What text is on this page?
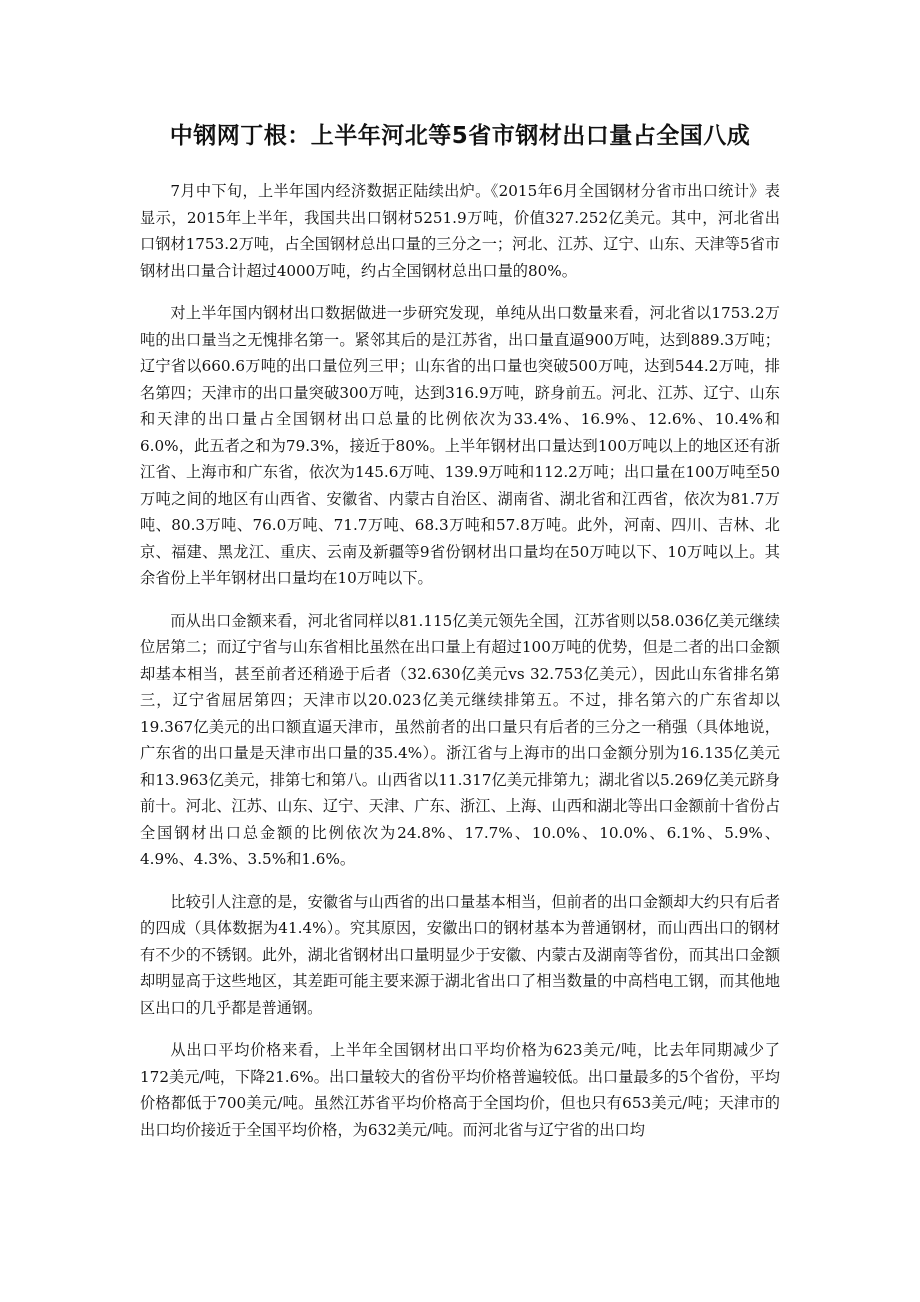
中钢网丁根：上半年河北等5省市钢材出口量占全国八成

7月中下旬，上半年国内经济数据正陆续出炉。《2015年6月全国钢材分省市出口统计》表显示，2015年上半年，我国共出口钢材5251.9万吨，价值327.252亿美元。其中，河北省出口钢材1753.2万吨，占全国钢材总出口量的三分之一；河北、江苏、辽宁、山东、天津等5省市钢材出口量合计超过4000万吨，约占全国钢材总出口量的80%。

对上半年国内钢材出口数据做进一步研究发现，单纯从出口数量来看，河北省以1753.2万吨的出口量当之无愧排名第一。紧邻其后的是江苏省，出口量直逼900万吨，达到889.3万吨；辽宁省以660.6万吨的出口量位列三甲；山东省的出口量也突破500万吨，达到544.2万吨，排名第四；天津市的出口量突破300万吨，达到316.9万吨，跻身前五。河北、江苏、辽宁、山东和天津的出口量占全国钢材出口总量的比例依次为33.4%、16.9%、12.6%、10.4%和6.0%，此五者之和为79.3%，接近于80%。上半年钢材出口量达到100万吨以上的地区还有浙江省、上海市和广东省，依次为145.6万吨、139.9万吨和112.2万吨；出口量在100万吨至50万吨之间的地区有山西省、安徽省、内蒙古自治区、湖南省、湖北省和江西省，依次为81.7万吨、80.3万吨、76.0万吨、71.7万吨、68.3万吨和57.8万吨。此外，河南、四川、吉林、北京、福建、黑龙江、重庆、云南及新疆等9省份钢材出口量均在50万吨以下、10万吨以上。其余省份上半年钢材出口量均在10万吨以下。

而从出口金额来看，河北省同样以81.115亿美元领先全国，江苏省则以58.036亿美元继续位居第二；而辽宁省与山东省相比虽然在出口量上有超过100万吨的优势，但是二者的出口金额却基本相当，甚至前者还稍逊于后者（32.630亿美元vs 32.753亿美元），因此山东省排名第三，辽宁省屈居第四；天津市以20.023亿美元继续排第五。不过，排名第六的广东省却以19.367亿美元的出口额直逼天津市，虽然前者的出口量只有后者的三分之一稍强（具体地说，广东省的出口量是天津市出口量的35.4%）。浙江省与上海市的出口金额分别为16.135亿美元和13.963亿美元，排第七和第八。山西省以11.317亿美元排第九；湖北省以5.269亿美元跻身前十。河北、江苏、山东、辽宁、天津、广东、浙江、上海、山西和湖北等出口金额前十省份占全国钢材出口总金额的比例依次为24.8%、17.7%、10.0%、10.0%、6.1%、5.9%、4.9%、4.3%、3.5%和1.6%。

比较引人注意的是，安徽省与山西省的出口量基本相当，但前者的出口金额却大约只有后者的四成（具体数据为41.4%）。究其原因，安徽出口的钢材基本为普通钢材，而山西出口的钢材有不少的不锈钢。此外，湖北省钢材出口量明显少于安徽、内蒙古及湖南等省份，而其出口金额却明显高于这些地区，其差距可能主要来源于湖北省出口了相当数量的中高档电工钢，而其他地区出口的几乎都是普通钢。

从出口平均价格来看，上半年全国钢材出口平均价格为623美元/吨，比去年同期减少了172美元/吨，下降21.6%。出口量较大的省份平均价格普遍较低。出口量最多的5个省份，平均价格都低于700美元/吨。虽然江苏省平均价格高于全国均价，但也只有653美元/吨；天津市的出口均价接近于全国平均价格，为632美元/吨。而河北省与辽宁省的出口均
